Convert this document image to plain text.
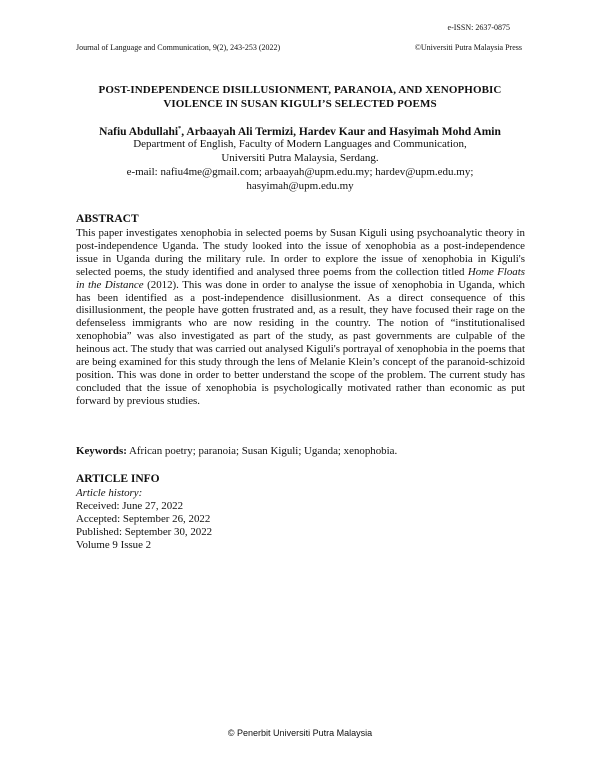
e-ISSN: 2637-0875
Journal of Language and Communication, 9(2), 243-253 (2022)	©Universiti Putra Malaysia Press
POST-INDEPENDENCE DISILLUSIONMENT, PARANOIA, AND XENOPHOBIC
VIOLENCE IN SUSAN KIGULI’S SELECTED POEMS
Nafiu Abdullahi*, Arbaayah Ali Termizi, Hardev Kaur and Hasyimah Mohd Amin
Department of English, Faculty of Modern Languages and Communication,
Universiti Putra Malaysia, Serdang.
e-mail: nafiu4me@gmail.com; arbaayah@upm.edu.my; hardev@upm.edu.my;
hasyimah@upm.edu.my
ABSTRACT
This paper investigates xenophobia in selected poems by Susan Kiguli using psychoanalytic theory in post-independence Uganda. The study looked into the issue of xenophobia as a post-independence issue in Uganda during the military rule. In order to explore the issue of xenophobia in Kiguli's selected poems, the study identified and analysed three poems from the collection titled Home Floats in the Distance (2012). This was done in order to analyse the issue of xenophobia in Uganda, which has been identified as a post-independence disillusionment. As a direct consequence of this disillusionment, the people have gotten frustrated and, as a result, they have focused their rage on the defenseless immigrants who are now residing in the country. The notion of “institutionalised xenophobia” was also investigated as part of the study, as past governments are culpable of the heinous act. The study that was carried out analysed Kiguli's portrayal of xenophobia in the poems that are being examined for this study through the lens of Melanie Klein’s concept of the paranoid-schizoid position. This was done in order to better understand the scope of the problem. The current study has concluded that the issue of xenophobia is psychologically motivated rather than economic as put forward by previous studies.
Keywords: African poetry; paranoia; Susan Kiguli; Uganda; xenophobia.
ARTICLE INFO
Article history:
Received: June 27, 2022
Accepted: September 26, 2022
Published: September 30, 2022
Volume 9 Issue 2
© Penerbit Universiti Putra Malaysia
